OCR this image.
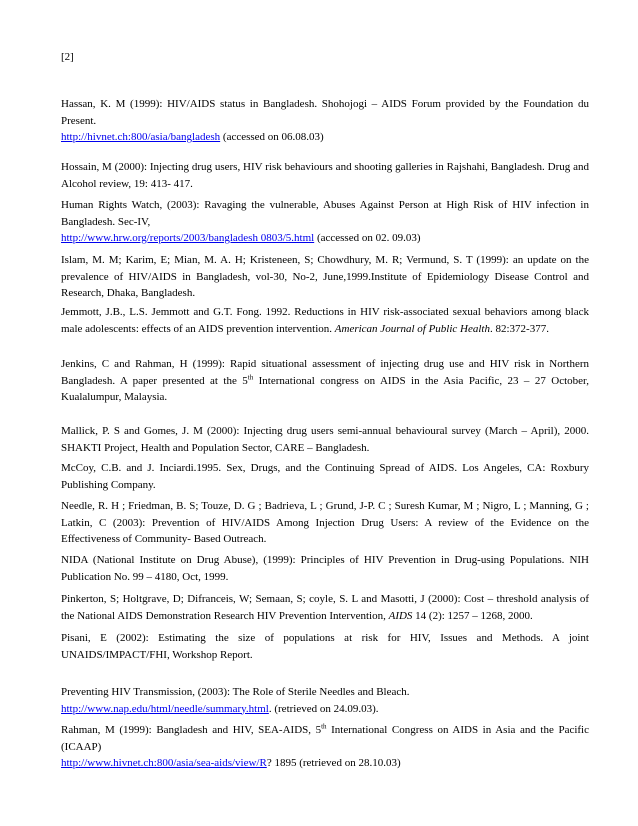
[2]

Hassan, K. M (1999): HIV/AIDS status in Bangladesh. Shohojogi – AIDS Forum provided by the Foundation du Present.
http://hivnet.ch:800/asia/bangladesh (accessed on 06.08.03)
Hossain, M (2000): Injecting drug users, HIV risk behaviours and shooting galleries in Rajshahi, Bangladesh. Drug and Alcohol review, 19: 413- 417.
Human Rights Watch, (2003): Ravaging the vulnerable, Abuses Against Person at High Risk of HIV infection in Bangladesh. Sec-IV,
http://www.hrw.org/reports/2003/bangladesh 0803/5.html (accessed on 02. 09.03)
Islam, M. M; Karim, E; Mian, M. A. H; Kristeneen, S; Chowdhury, M. R; Vermund, S. T (1999): an update on the prevalence of HIV/AIDS in Bangladesh, vol-30, No-2, June,1999.Institute of Epidemiology Disease Control and Research, Dhaka, Bangladesh.
Jemmott, J.B., L.S. Jemmott and G.T. Fong. 1992. Reductions in HIV risk-associated sexual behaviors among black male adolescents: effects of an AIDS prevention intervention. American Journal of Public Health. 82:372-377.
Jenkins, C and Rahman, H (1999): Rapid situational assessment of injecting drug use and HIV risk in Northern Bangladesh. A paper presented at the 5th International congress on AIDS in the Asia Pacific, 23 – 27 October, Kualalumpur, Malaysia.
Mallick, P. S and Gomes, J. M (2000): Injecting drug users semi-annual behavioural survey (March – April), 2000. SHAKTI Project, Health and Population Sector, CARE – Bangladesh.
McCoy, C.B. and J. Inciardi.1995. Sex, Drugs, and the Continuing Spread of AIDS. Los Angeles, CA: Roxbury Publishing Company.
Needle, R. H ; Friedman, B. S; Touze, D. G ; Badrieva, L ; Grund, J-P. C ; Suresh Kumar, M ; Nigro, L ; Manning, G ; Latkin, C (2003): Prevention of HIV/AIDS Among Injection Drug Users: A review of the Evidence on the Effectiveness of Community- Based Outreach.
NIDA (National Institute on Drug Abuse), (1999): Principles of HIV Prevention in Drug-using Populations. NIH Publication No. 99 – 4180, Oct, 1999.
Pinkerton, S; Holtgrave, D; Difranceis, W; Semaan, S; coyle, S. L and Masotti, J (2000): Cost – threshold analysis of the National AIDS Demonstration Research HIV Prevention Intervention, AIDS 14 (2): 1257 – 1268, 2000.
Pisani, E (2002): Estimating the size of populations at risk for HIV, Issues and Methods. A joint UNAIDS/IMPACT/FHI, Workshop Report.
Preventing HIV Transmission, (2003): The Role of Sterile Needles and Bleach.
http://www.nap.edu/html/needle/summary.html. (retrieved on 24.09.03).
Rahman, M (1999): Bangladesh and HIV, SEA-AIDS, 5th International Congress on AIDS in Asia and the Pacific (ICAAP)
http://www.hivnet.ch:800/asia/sea-aids/view/R? 1895 (retrieved on 28.10.03)
